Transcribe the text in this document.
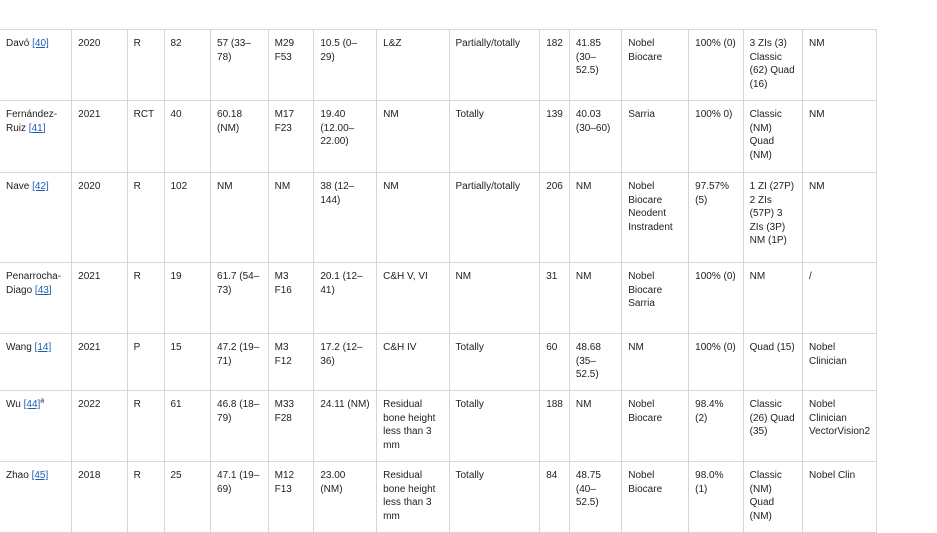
Davó [40]	2020	R	82	57 (33–78)	M29 F53	10.5 (0–29)	L&Z	Partially/totally	182	41.85 (30–52.5)	Nobel Biocare	100% (0)	3 ZIs (3) Classic (62) Quad (16)	NM
Fernández-Ruiz [41]	2021	RCT	40	60.18 (NM)	M17 F23	19.40 (12.00–22.00)	NM	Totally	139	40.03 (30–60)	Sarria	100% 0)	Classic (NM) Quad (NM)	NM
Nave [42]	2020	R	102	NM	NM	38 (12–144)	NM	Partially/totally	206	NM	Nobel Biocare Neodent Instradent	97.57% (5)	1 ZI (27P) 2 ZIs (57P) 3 ZIs (3P) NM (1P)	NM
Penarrocha-Diago [43]	2021	R	19	61.7 (54–73)	M3 F16	20.1 (12–41)	C&H V, VI	NM	31	NM	Nobel Biocare Sarria	100% (0)	NM	/
Wang [14]	2021	P	15	47.2 (19–71)	M3 F12	17.2 (12–36)	C&H IV	Totally	60	48.68 (35–52.5)	NM	100% (0)	Quad (15)	Nobel Clinician
Wu $[44]^a$	2022	R	61	46.8 (18–79)	M33 F28	24.11 (NM)	Residual bone height less than 3 mm	Totally	188	NM	Nobel Biocare	98.4% (2)	Classic (26) Quad (35)	Nobel Clinician VectorVision2
Zhao [45]	2018	R	25	47.1 (19–69)	M12 F13	23.00 (NM)	Residual bone height less than 3 mm	Totally	84	48.75 (40–52.5)	Nobel Biocare	98.0% (1)	Classic (NM) Quad (NM)	Nobel Clin
